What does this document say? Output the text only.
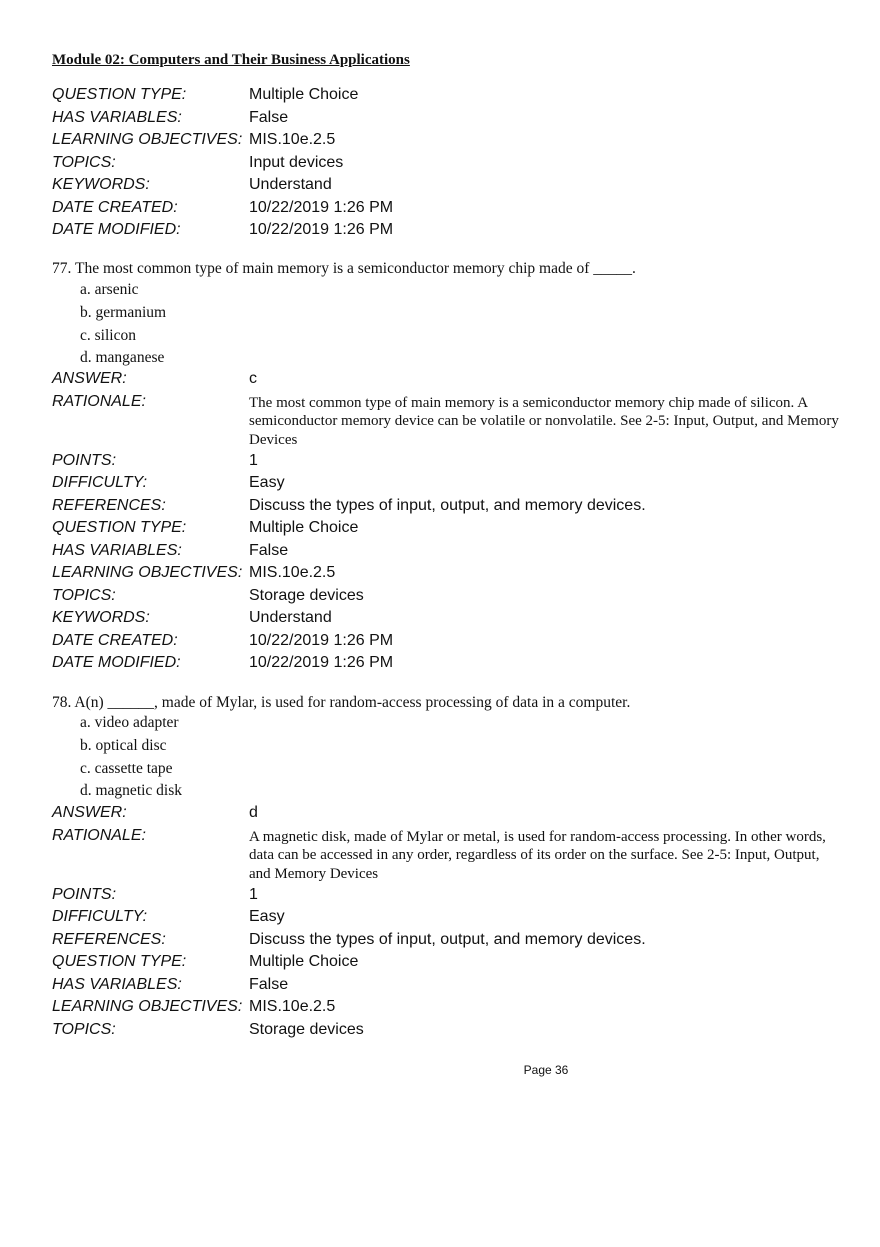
Module 02: Computers and Their Business Applications
QUESTION TYPE:	Multiple Choice
HAS VARIABLES:	False
LEARNING OBJECTIVES: MIS.10e.2.5
TOPICS:	Input devices
KEYWORDS:	Understand
DATE CREATED:	10/22/2019 1:26 PM
DATE MODIFIED:	10/22/2019 1:26 PM
77. The most common type of main memory is a semiconductor memory chip made of _____.
a. arsenic
b. germanium
c. silicon
d. manganese
ANSWER:	c
RATIONALE:	The most common type of main memory is a semiconductor memory chip made of silicon. A semiconductor memory device can be volatile or nonvolatile. See 2-5: Input, Output, and Memory Devices
POINTS:	1
DIFFICULTY:	Easy
REFERENCES:	Discuss the types of input, output, and memory devices.
QUESTION TYPE:	Multiple Choice
HAS VARIABLES:	False
LEARNING OBJECTIVES: MIS.10e.2.5
TOPICS:	Storage devices
KEYWORDS:	Understand
DATE CREATED:	10/22/2019 1:26 PM
DATE MODIFIED:	10/22/2019 1:26 PM
78. A(n) ______, made of Mylar, is used for random-access processing of data in a computer.
a. video adapter
b. optical disc
c. cassette tape
d. magnetic disk
ANSWER:	d
RATIONALE:	A magnetic disk, made of Mylar or metal, is used for random-access processing. In other words, data can be accessed in any order, regardless of its order on the surface. See 2-5: Input, Output, and Memory Devices
POINTS:	1
DIFFICULTY:	Easy
REFERENCES:	Discuss the types of input, output, and memory devices.
QUESTION TYPE:	Multiple Choice
HAS VARIABLES:	False
LEARNING OBJECTIVES: MIS.10e.2.5
TOPICS:	Storage devices
Page 36
